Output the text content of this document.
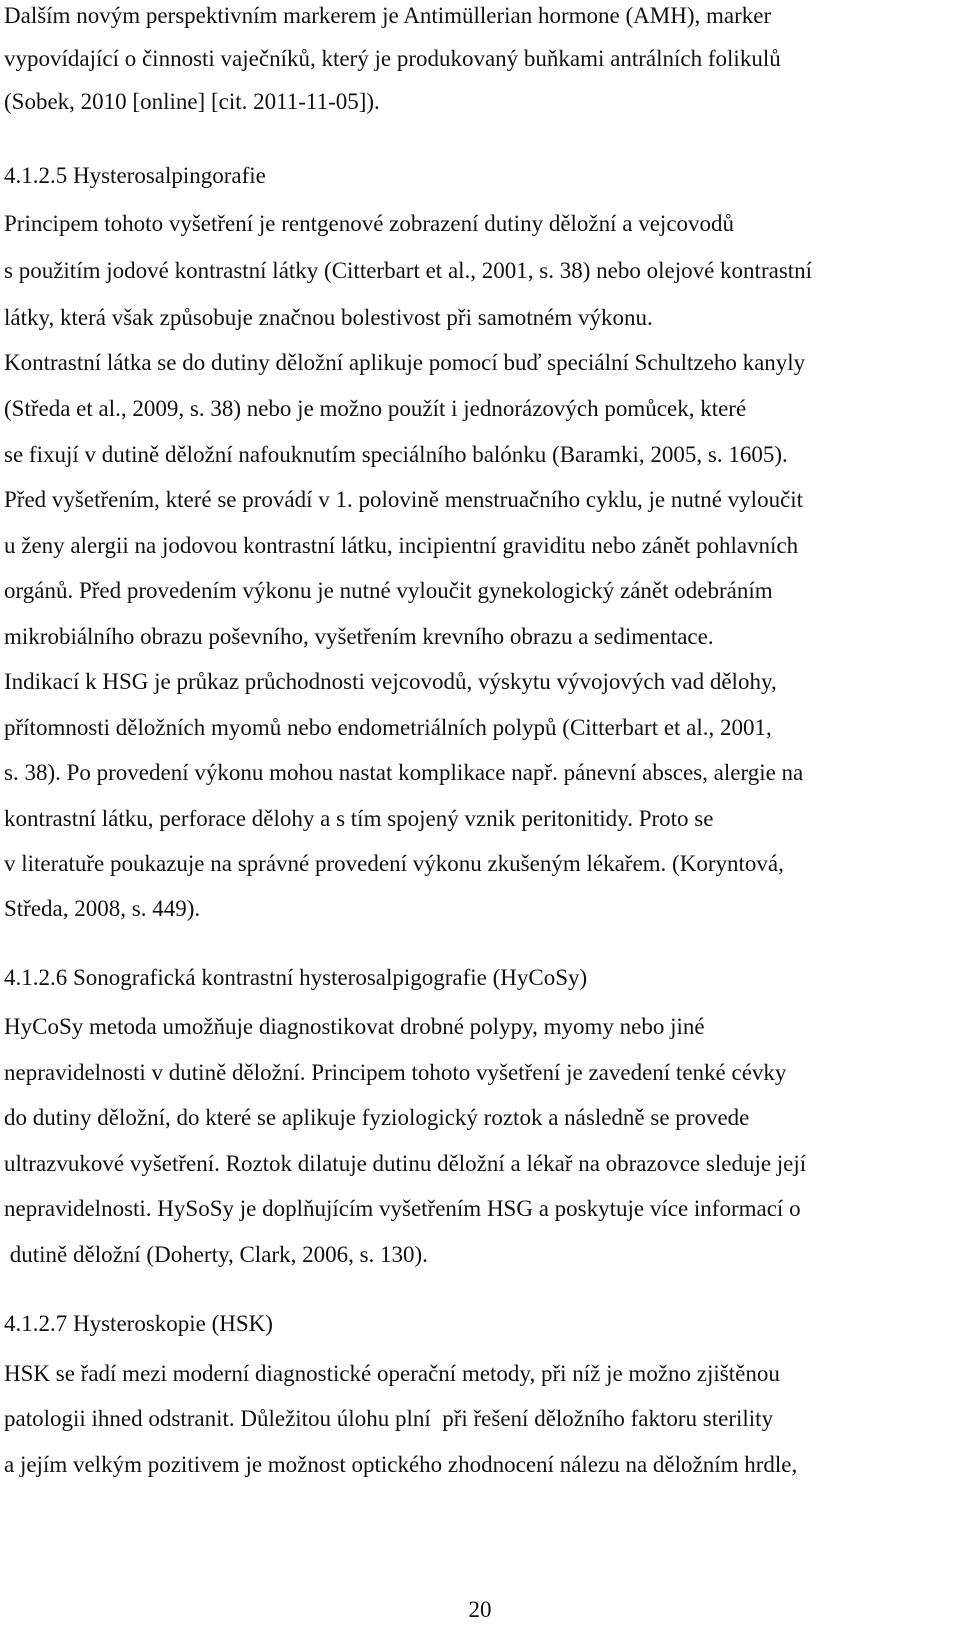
Dalším novým perspektivním markerem je Antimüllerian hormone (AMH), marker
vypovídající o činnosti vaječníků, který je produkovaný buňkami antrálních folikulů
(Sobek, 2010 [online] [cit. 2011-11-05]).
4.1.2.5 Hysterosalpingorafie
Principem tohoto vyšetření je rentgenové zobrazení dutiny děložní a vejcovodů
s použitím jodové kontrastní látky (Citterbart et al., 2001, s. 38) nebo olejové kontrastní
látky, která však způsobuje značnou bolestivost při samotném výkonu.
Kontrastní látka se do dutiny děložní aplikuje pomocí buď speciální Schultzeho kanyly
(Středa et al., 2009, s. 38) nebo je možno použít i jednorázových pomůcek, které
se fixují v dutině děložní nafouknutím speciálního balónku (Baramki, 2005, s. 1605).
Před vyšetřením, které se provádí v 1. polovině menstruačního cyklu, je nutné vyloučit
u ženy alergii na jodovou kontrastní látku, incipientní graviditu nebo zánět pohlavních
orgánů. Před provedením výkonu je nutné vyloučit gynekologický zánět odebráním
mikrobiálního obrazu poševního, vyšetřením krevního obrazu a sedimentace.
Indikací k HSG je průkaz průchodnosti vejcovodů, výskytu vývojových vad dělohy,
přítomnosti děložních myomů nebo endometriálních polypů (Citterbart et al., 2001,
s. 38). Po provedení výkonu mohou nastat komplikace např. pánevní absces, alergie na
kontrastní látku, perforace dělohy a s tím spojený vznik peritonitidy. Proto se
v literatuře poukazuje na správné provedení výkonu zkušeným lékařem. (Koryntová,
Středa, 2008, s. 449).
4.1.2.6 Sonografická kontrastní hysterosalpigografie (HyCoSy)
HyCoSy metoda umožňuje diagnostikovat drobné polypy, myomy nebo jiné
nepravidelnosti v dutině děložní. Principem tohoto vyšetření je zavedení tenké cévky
do dutiny děložní, do které se aplikuje fyziologický roztok a následně se provede
ultrazvukové vyšetření. Roztok dilatuje dutinu děložní a lékař na obrazovce sleduje její
nepravidelnosti. HySoSy je doplňujícím vyšetřením HSG a poskytuje více informací o
dutině děložní (Doherty, Clark, 2006, s. 130).
4.1.2.7 Hysteroskopie (HSK)
HSK se řadí mezi moderní diagnostické operační metody, při níž je možno zjištěnou
patologii ihned odstranit. Důležitou úlohu plní  při řešení děložního faktoru sterility
a jejím velkým pozitivem je možnost optického zhodnocení nálezu na děložním hrdle,
20
